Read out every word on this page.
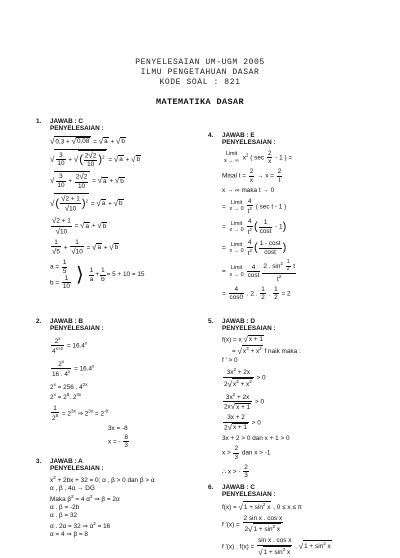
PENYELESAIAN UM-UGM 2005
ILMU PENGETAHUAN DASAR
KODE SOAL : 821
MATEMATIKA DASAR
1. JAWAB : C
PENYELESAIAN :
√0,3 + √0,08 = √a + √b
√ $\frac{3}{10}$ + √( $\frac{2√2}{10} )^2 = √a + √b$
√ $\frac{3}{10} + \frac{2√2}{10} = √a + √b$
√( $\frac{√2 + 1}{√10} )^2 = √a + √b$
$\frac{√2 + 1}{√10} = √a + √b$
$\frac{1}{√5} + \frac{1}{√10} = √a + √b$
$a = \frac{1}{5}$
$b = \frac{1}{10}$ ⟩ $\frac{1}{a} + \frac{1}{b} = 5 + 10 = 15$
2. JAWAB : B
PENYELESAIAN :
$\frac{2^x}{4^{x+2}} = 16.4^x$
$\frac{2^x}{16 . 4^x} = 16.4^x$
$2^x = 256$ . $4^{2x}$
$2^x = 2^8$. $2^{4x}$
$\frac{1}{2^8} = 2^{3x}$ ⇒ $2^{3x} = 2^{-8}$
3x = -8
x = - $\frac{8}{3}$
3. JAWAB : A
PENYELESAIAN :
$x^2 + 2bx + 32 = 0$; α , β > 0 dan β > α
α , β , 4α → DG
Maka $\beta^2 = 4$ $\alpha^2$ ⇒ β = 2α
α . β = -2b
α . β = 32
α . 2α = 32 ⇒ $\alpha^2 = 16$
α = 4 ⇒ β = 8
4. JAWAB : E
PENYELESAIAN :
Limit
x → ∞ $x^2$ ( $\sec \frac{2}{x} - 1$ ) =
Misal $t = \frac{2}{x} \to x = \frac{2}{t}$
x → ∞ maka t → 0
= Limit
$x \to 0 \frac{4}{t^2}$ ( sec t - 1 )
= Limit
$x \to 0 \frac{4}{t^2}$ ( $\frac{1}{\cos t} - 1$)
= Limit
$x \to 0 \frac{4}{t^2}$ ( $\frac{1 - \cos t}{\cos t}$ )
= Limit
$x \to 0 \frac{4}{\cos t} \frac{2 . \sin^2 \frac{1}{2} t}{t^2}$
= $\frac{4}{\cos 0}$ . 2 . $\frac{1}{2}$ . $\frac{1}{2} = 2$
5. JAWAB : D
PENYELESAIAN :
f(x) = x √x + 1
= $√x^3 + x^2$ f naik maka :
f ' > 0
$\frac{3x^2 + 2x}{2√x^3 + x^2} > 0$
$\frac{3x^2 + 2x}{2x√x + 1} > 0$
$\frac{3x + 2}{2√x + 1} > 0$
3x + 2 > 0 dan x + 1 > 0
$x > \frac{2}{3}$ dan x > -1
∴ x > - $\frac{2}{3}$
6. JAWAB : C
PENYELESAIAN :
$f(x) = √1 + \sin^2 x$ , 0 ≤ x ≤ π
f '$(x) = \frac{\text{2 sin x . cos x}}{2√1 + \sin^2 x}$
f '(x) . $f(x) = \frac{\text{sin x . cos x}}{√1 + \sin^2 x}$ . $√1 + \sin^2 x$
